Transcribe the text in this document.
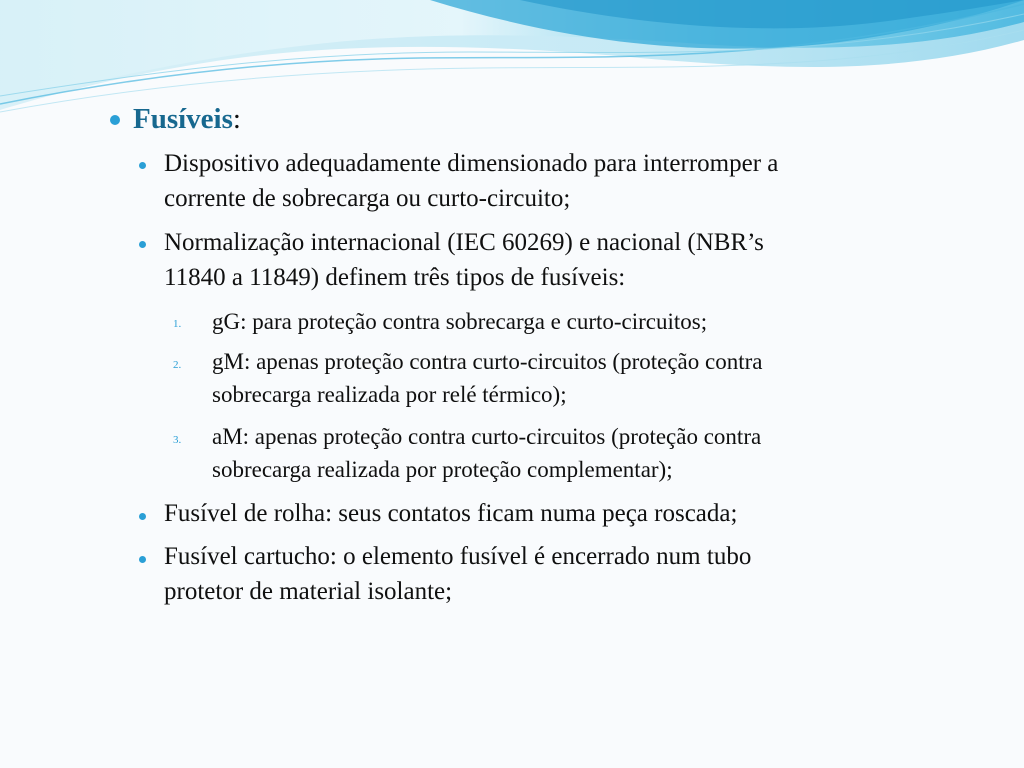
Fusíveis:
Dispositivo adequadamente dimensionado para interromper a
corrente de sobrecarga ou curto-circuito;
Normalização internacional (IEC 60269) e nacional (NBR’s
11840 a 11849) definem três tipos de fusíveis:
1. gG: para proteção contra sobrecarga e curto-circuitos;
2. gM: apenas proteção contra curto-circuitos (proteção contra
sobrecarga realizada por relé térmico);
3. aM: apenas proteção contra curto-circuitos (proteção contra
sobrecarga realizada por proteção complementar);
Fusível de rolha: seus contatos ficam numa peça roscada;
Fusível cartucho: o elemento fusível é encerrado num tubo
protetor de material isolante;
